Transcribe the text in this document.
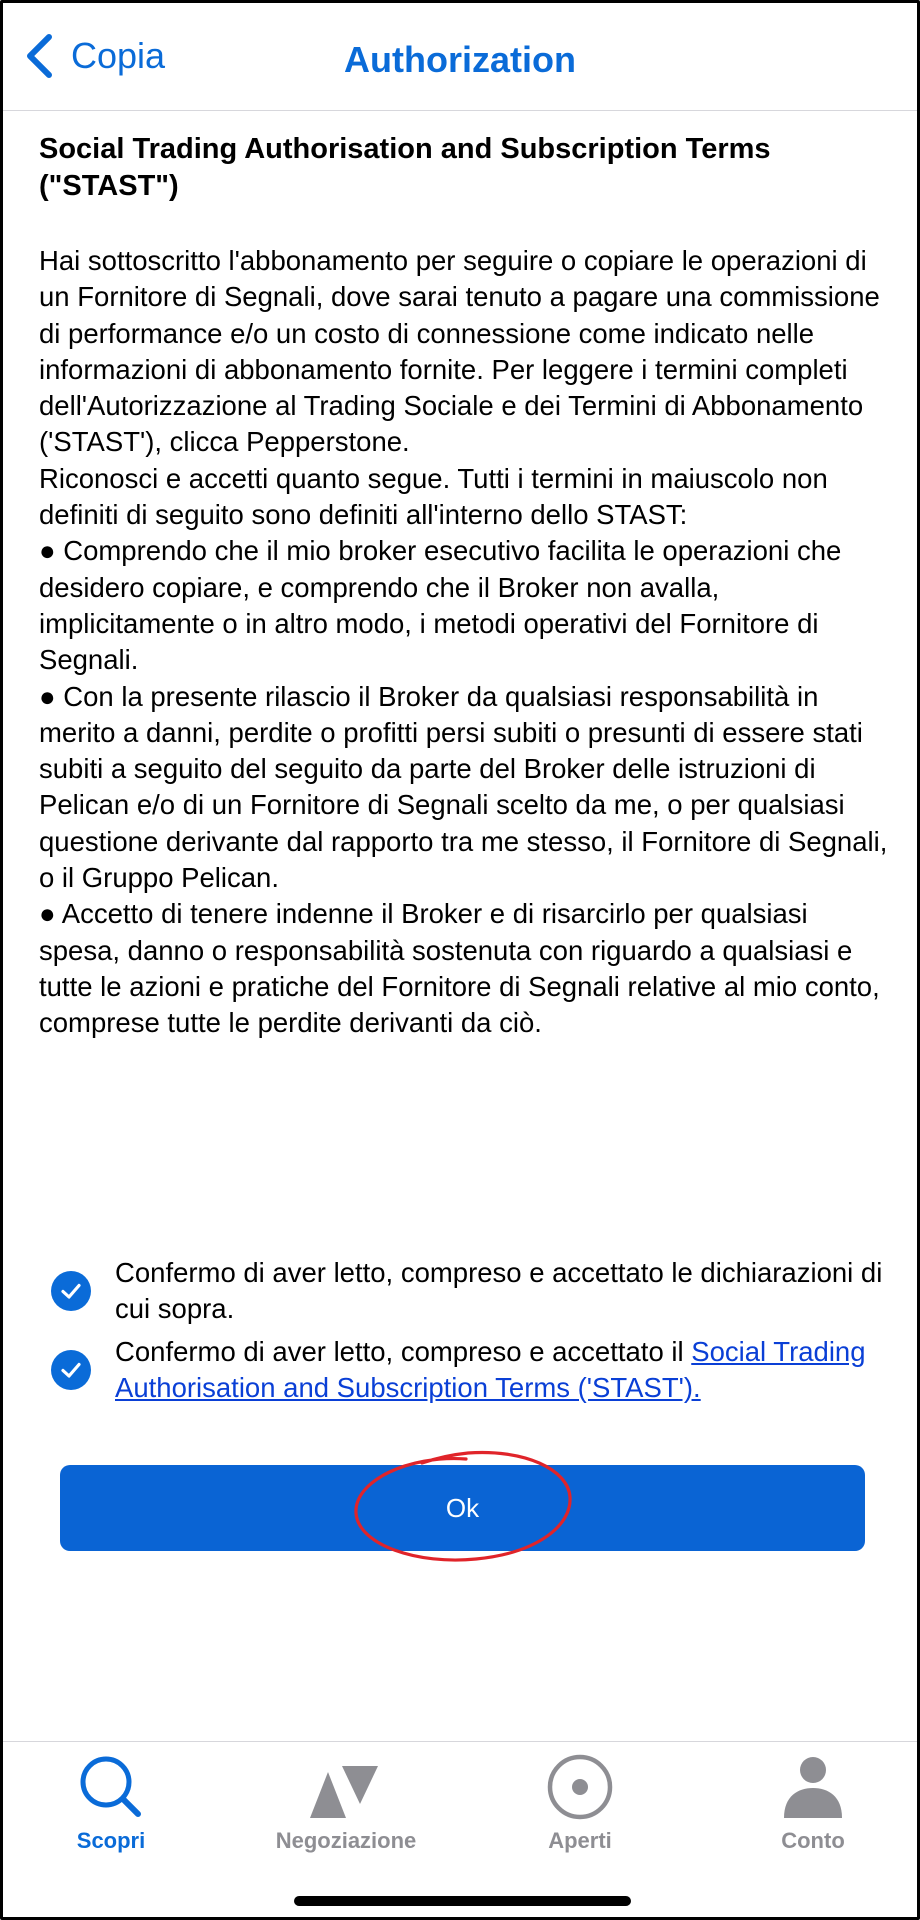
Copia	Authorization

Social Trading Authorisation and Subscription Terms ("STAST")

Hai sottoscritto l'abbonamento per seguire o copiare le operazioni di un Fornitore di Segnali, dove sarai tenuto a pagare una commissione di performance e/o un costo di connessione come indicato nelle informazioni di abbonamento fornite. Per leggere i termini completi dell'Autorizzazione al Trading Sociale e dei Termini di Abbonamento ('STAST'), clicca Pepperstone.
Riconosci e accetti quanto segue. Tutti i termini in maiuscolo non definiti di seguito sono definiti all'interno dello STAST:
● Comprendo che il mio broker esecutivo facilita le operazioni che desidero copiare, e comprendo che il Broker non avalla, implicitamente o in altro modo, i metodi operativi del Fornitore di Segnali.
● Con la presente rilascio il Broker da qualsiasi responsabilità in merito a danni, perdite o profitti persi subiti o presunti di essere stati subiti a seguito del seguito da parte del Broker delle istruzioni di Pelican e/o di un Fornitore di Segnali scelto da me, o per qualsiasi questione derivante dal rapporto tra me stesso, il Fornitore di Segnali, o il Gruppo Pelican.
● Accetto di tenere indenne il Broker e di risarcirlo per qualsiasi spesa, danno o responsabilità sostenuta con riguardo a qualsiasi e tutte le azioni e pratiche del Fornitore di Segnali relative al mio conto, comprese tutte le perdite derivanti da ciò.
Confermo di aver letto, compreso e accettato le dichiarazioni di cui sopra.
Confermo di aver letto, compreso e accettato il Social Trading Authorisation and Subscription Terms ('STAST').
Ok
Scopri	Negoziazione	Aperti	Conto
